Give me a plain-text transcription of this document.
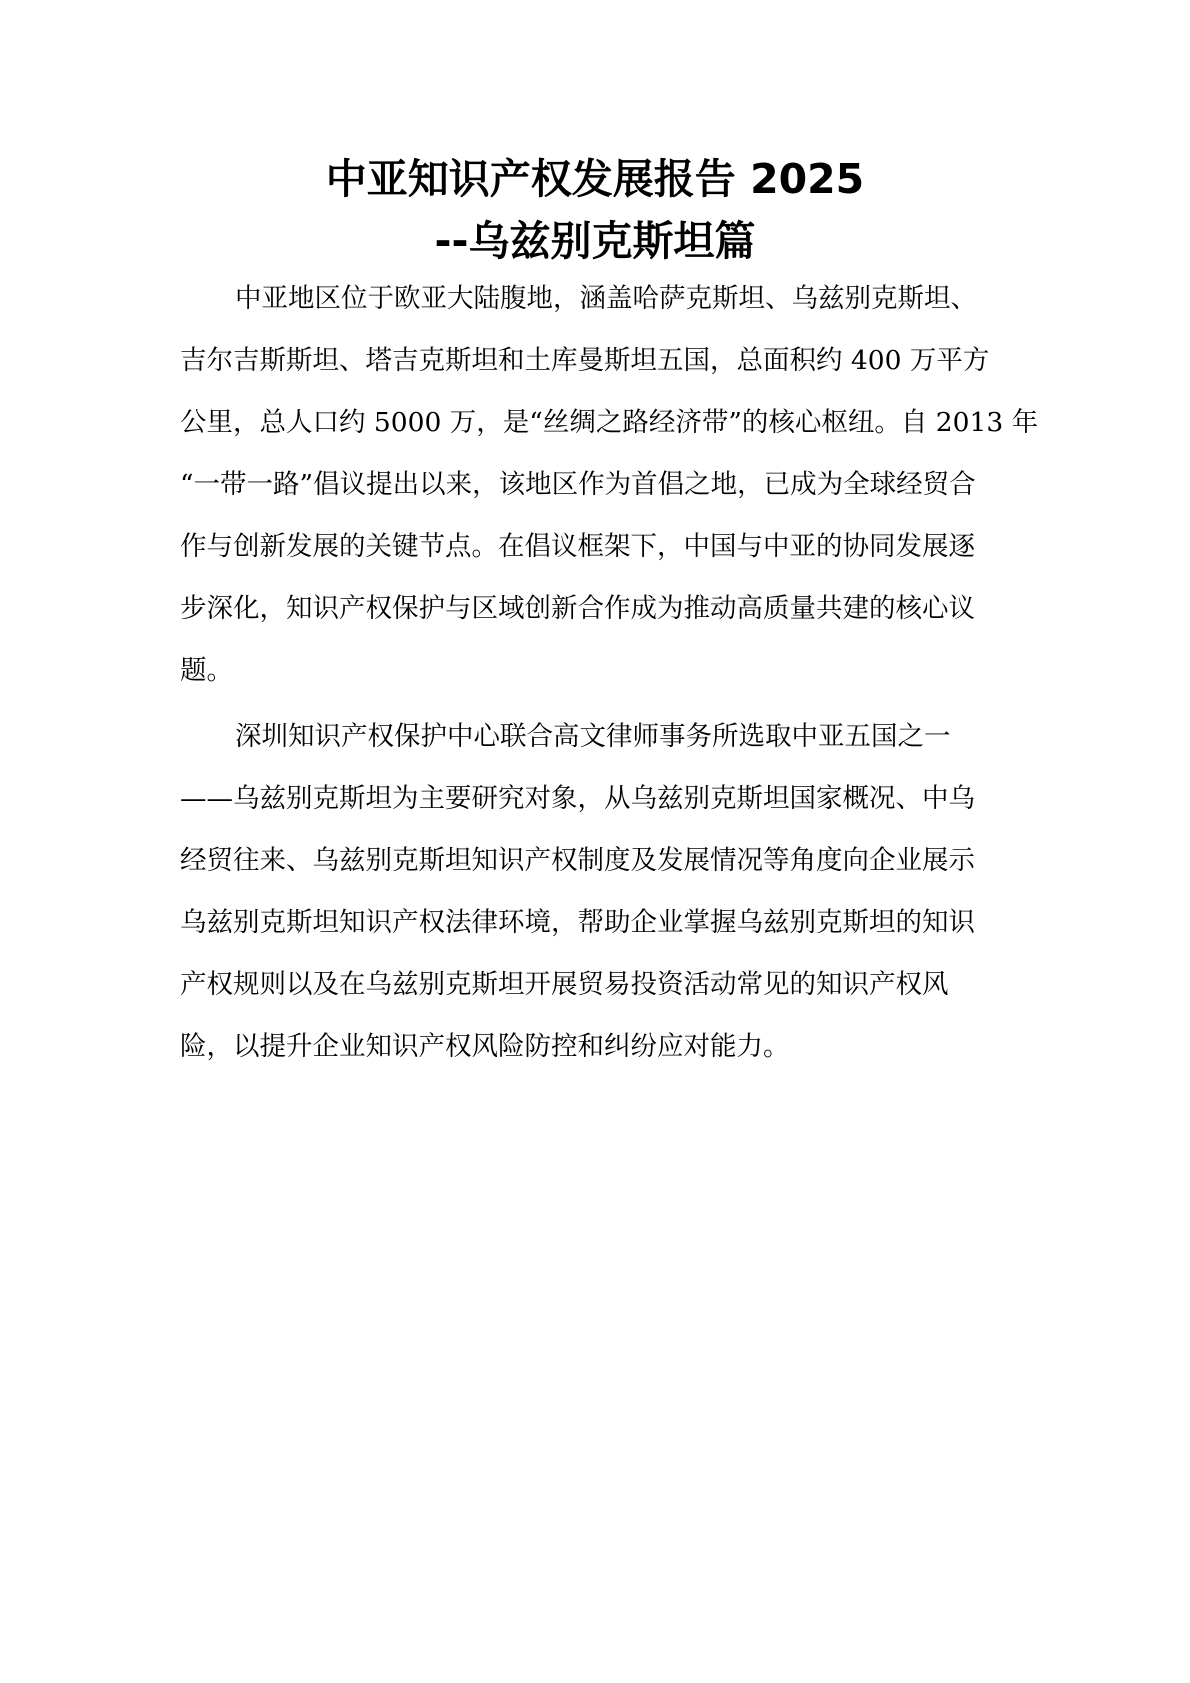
中亚知识产权发展报告 2025
--乌兹别克斯坦篇
中亚地区位于欧亚大陆腹地，涵盖哈萨克斯坦、乌兹别克斯坦、
吉尔吉斯斯坦、塔吉克斯坦和土库曼斯坦五国，总面积约 400 万平方
公里，总人口约 5000 万，是“丝绸之路经济带”的核心枢纽。自 2013 年
“一带一路”倡议提出以来，该地区作为首倡之地，已成为全球经贸合
作与创新发展的关键节点。在倡议框架下，中国与中亚的协同发展逐
步深化，知识产权保护与区域创新合作成为推动高质量共建的核心议
题。
深圳知识产权保护中心联合高文律师事务所选取中亚五国之一
——乌兹别克斯坦为主要研究对象，从乌兹别克斯坦国家概况、中乌
经贸往来、乌兹别克斯坦知识产权制度及发展情况等角度向企业展示
乌兹别克斯坦知识产权法律环境，帮助企业掌握乌兹别克斯坦的知识
产权规则以及在乌兹别克斯坦开展贸易投资活动常见的知识产权风
险，以提升企业知识产权风险防控和纠纷应对能力。
